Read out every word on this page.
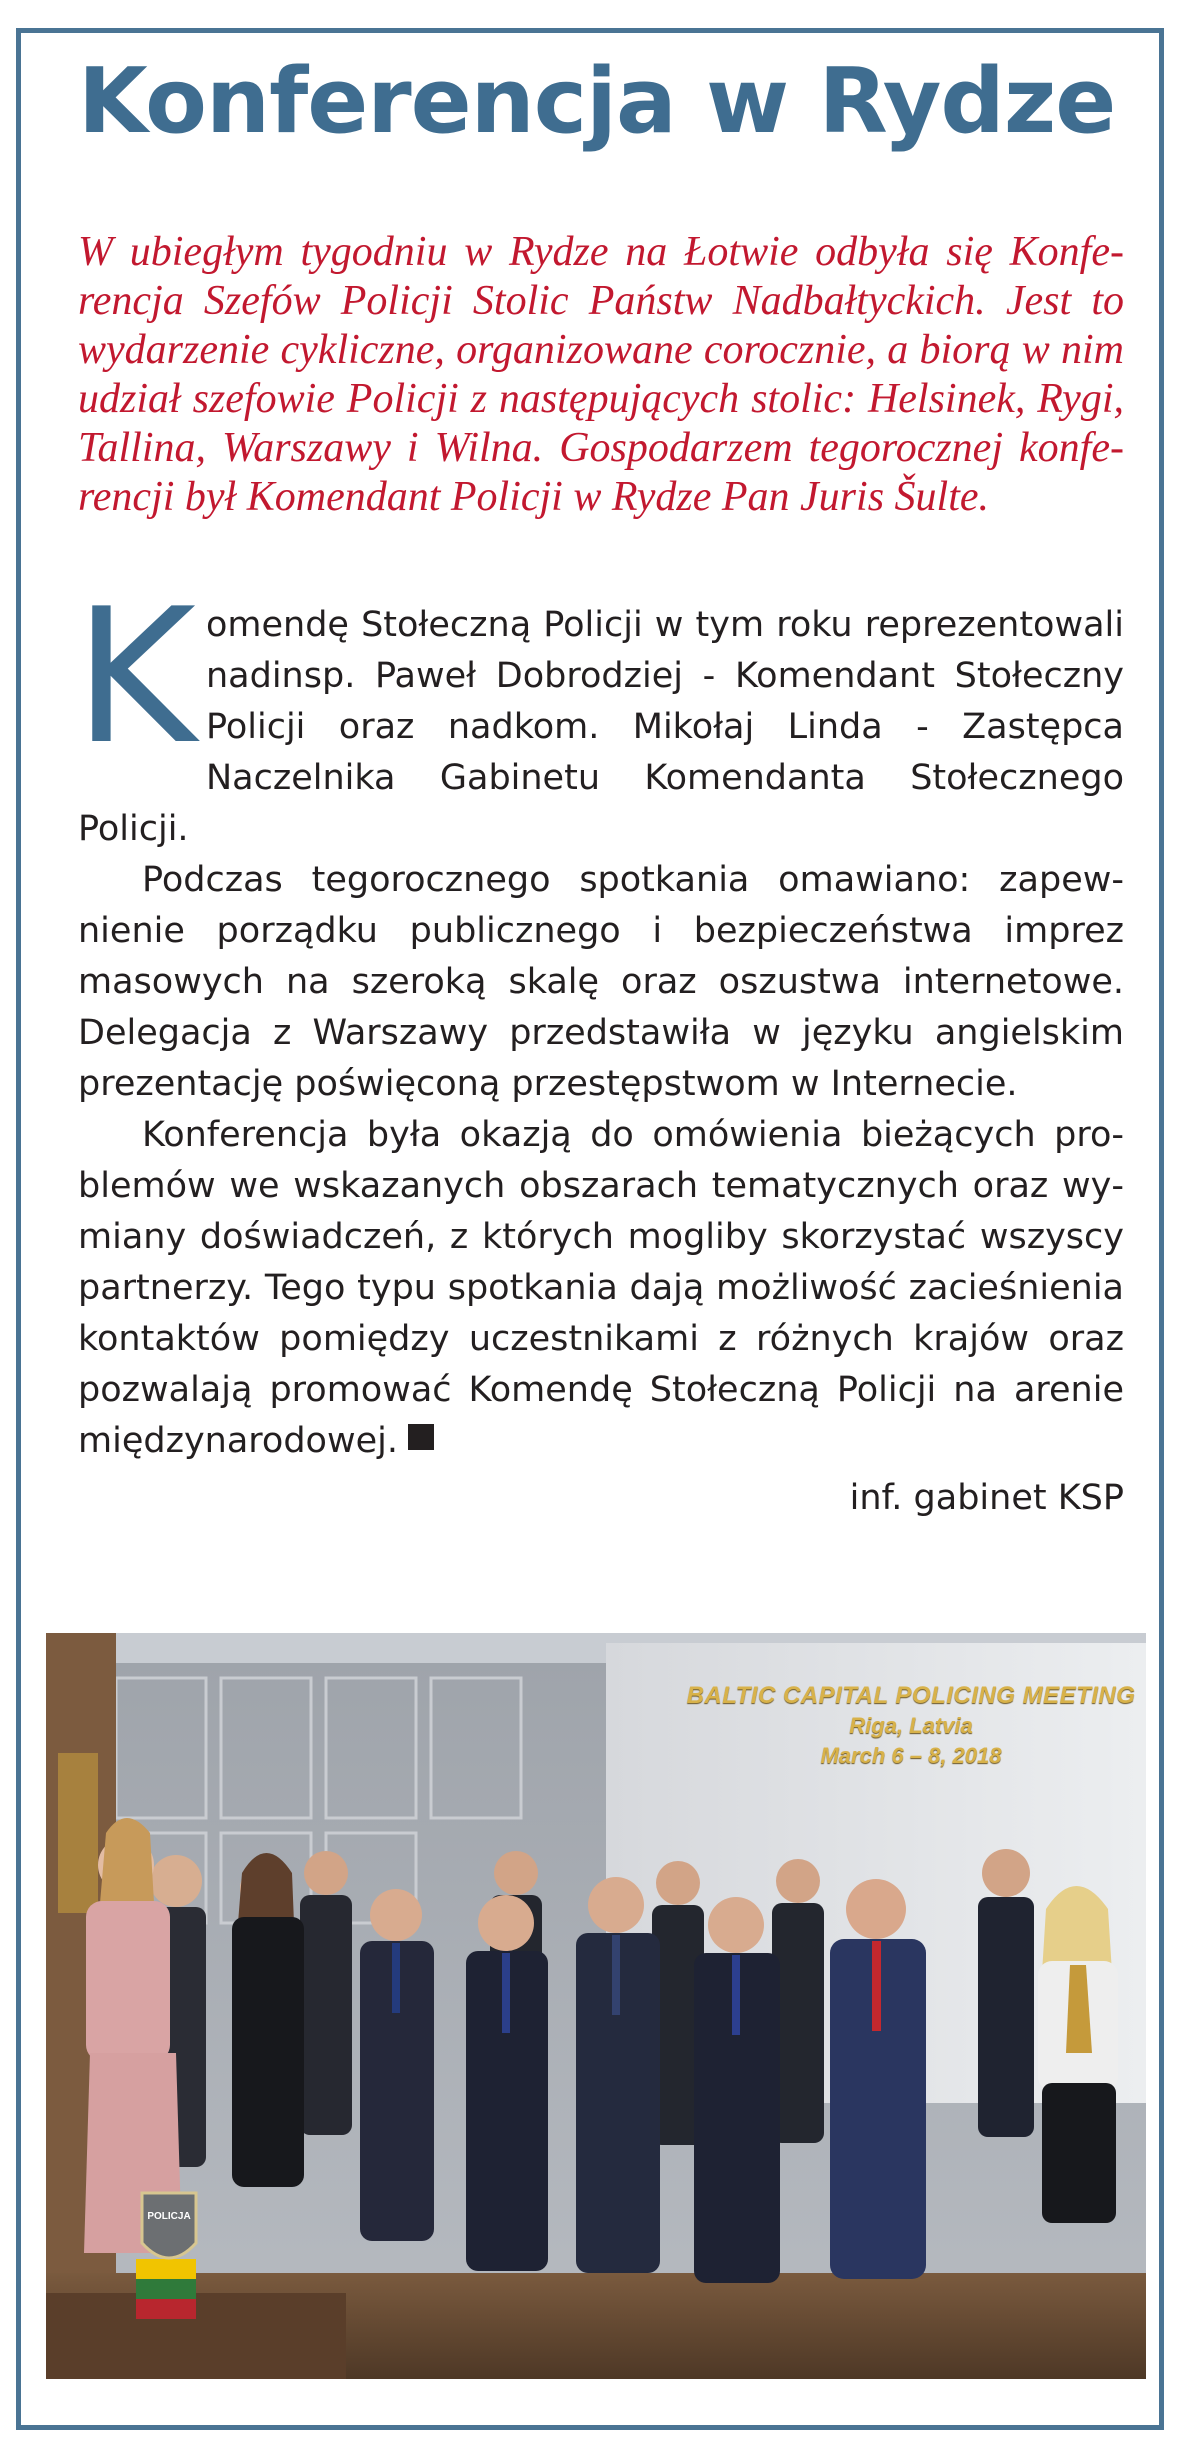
Konferencja w Rydze

W ubiegłym tygodniu w Rydze na Łotwie odbyła się Konferencja Szefów Policji Stolic Państw Nadbałtyckich. Jest to wydarzenie cykliczne, organizowane corocznie, a biorą w nim udział szefowie Policji z następujących stolic: Helsinek, Rygi, Tallina, Warszawy i Wilna. Gospodarzem tegorocznej konferencji był Komendant Policji w Rydze Pan Juris Šulte.

Komendę Stołeczną Policji w tym roku reprezentowali nadinsp. Paweł Dobrodziej - Komendant Stołeczny Policji oraz nadkom. Mikołaj Linda - Zastępca Naczelnika Gabinetu Komendanta Stołecznego Policji.

Podczas tegorocznego spotkania omawiano: zapewnienie porządku publicznego i bezpieczeństwa imprez masowych na szeroką skalę oraz oszustwa internetowe. Delegacja z Warszawy przedstawiła w języku angielskim prezentację poświęconą przestępstwom w Internecie.

Konferencja była okazją do omówienia bieżących problemów we wskazanych obszarach tematycznych oraz wymiany doświadczeń, z których mogliby skorzystać wszyscy partnerzy. Tego typu spotkania dają możliwość zacieśnienia kontaktów pomiędzy uczestnikami z różnych krajów oraz pozwalają promować Komendę Stołeczną Policji na arenie międzynarodowej.

inf. gabinet KSP

BALTIC CAPITAL POLICING MEETING
Riga, Latvia
March 6 – 8, 2018
POLICJA
